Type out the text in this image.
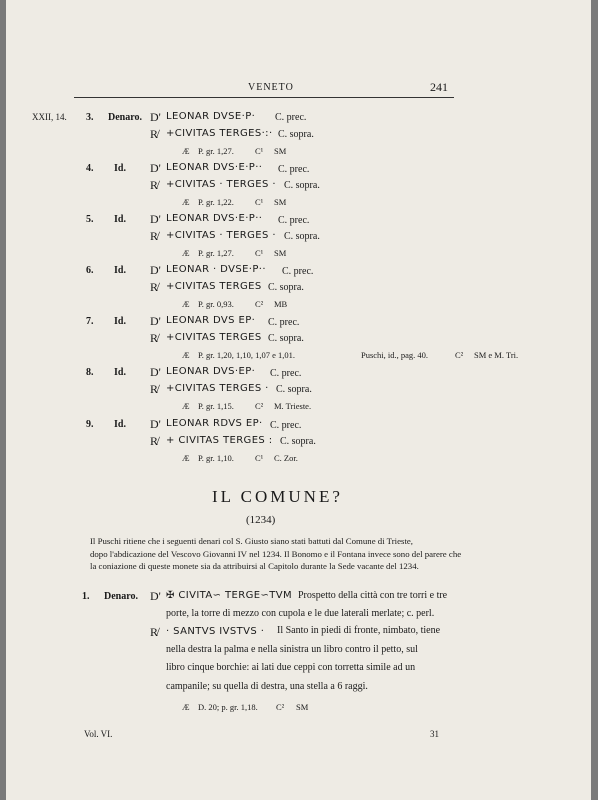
VENETO	241
XXII, 14. 3. Denaro. D' LEONAR DVSE·P· C. prec.
R̸ +CIVITAS TERGES·:· C. sopra.
Æ P. gr. 1,27. C¹ SM
4. Id. D' LEONAR DVS·E·P·· C. prec.
R̸ +CIVITAS · TERGES · C. sopra.
Æ P. gr. 1,22. C¹ SM
5. Id. D' LEONAR DVS·E·P·· C. prec.
R̸ +CIVITAS · TERGES · C. sopra.
Æ P. gr. 1,27. C¹ SM
6. Id. D' LEONAR · DVSE·P·· C. prec.
R̸ +CIVITAS TERGES C. sopra.
Æ P. gr. 0,93. C² MB
7. Id. D' LEONAR DVS EP· C. prec.
R̸ +CIVITAS TERGES C. sopra.
Æ P. gr. 1,20, 1,10, 1,07 e 1,01.	Puschi, id., pag. 40.	C² SM e M. Tri.
8. Id. D' LEONAR DVS·EP· C. prec.
R̸ +CIVITAS TERGES · C. sopra.
Æ P. gr. 1,15. C² M. Trieste.
9. Id. D' LEONAR RDVS EP· C. prec.
R̸ + CIVITAS TERGES : C. sopra.
Æ P. gr. 1,10. C¹ C. Zor.
IL COMUNE?
(1234)
Il Puschi ritiene che i seguenti denari col S. Giusto siano stati battuti dal Comune di Trieste,
dopo l'abdicazione del Vescovo Giovanni IV nel 1234. Il Bonomo e il Fontana invece sono del parere che
la coniazione di queste monete sia da attribuirsi al Capitolo durante la Sede vacante del 1234.
1. Denaro. D' ✠ CIVITA∽ TERGE∽TVM Prospetto della città con tre torri e tre
porte, la torre di mezzo con cupola e le due laterali merlate; c. perl.
R̸ · SANTVS IVSTVS · Il Santo in piedi di fronte, nimbato, tiene
nella destra la palma e nella sinistra un libro contro il petto, sul
libro cinque borchie: ai lati due ceppi con torretta simile ad un
campanile; su quella di destra, una stella a 6 raggi.
Æ D. 20; p. gr. 1,18. C² SM
Vol. VI.	31
